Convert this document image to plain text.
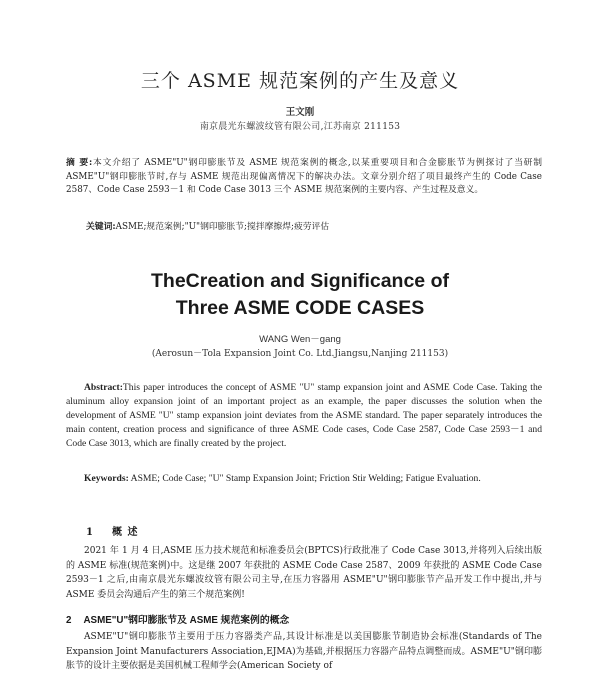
三个 ASME 规范案例的产生及意义
王文刚
南京晨光东螺波纹管有限公司,江苏南京 211153
摘 要:本文介绍了 ASME"U"钢印膨胀节及 ASME 规范案例的概念,以某重要项目和合金膨胀节为例探讨了当研制 ASME"U"钢印膨胀节时,存与 ASME 规范出现偏离情况下的解决办法。文章分别介绍了项目最终产生的 Code Case 2587、Code Case 2593－1 和 Code Case 3013 三个 ASME 规范案例的主要内容、产生过程及意义。
关键词:ASME;规范案例;"U"钢印膨胀节;搅拌摩擦焊;疲劳评估
TheCreation and Significance of
Three ASME CODE CASES
WANG Wen－gang
(Aerosun－Tola Expansion Joint Co. Ltd.Jiangsu,Nanjing 211153)
Abstract:This paper introduces the concept of ASME "U" stamp expansion joint and ASME Code Case. Taking the aluminum alloy expansion joint of an important project as an example, the paper discusses the solution when the development of ASME "U" stamp expansion joint deviates from the ASME standard. The paper separately introduces the main content, creation process and significance of three ASME Code cases, Code Case 2587, Code Case 2593－1 and Code Case 3013, which are finally created by the project.
Keywords: ASME; Code Case; "U" Stamp Expansion Joint; Friction Stir Welding; Fatigue Evaluation.
1 概 述
2021 年 1 月 4 日,ASME 压力技术规范和标准委员会(BPTCS)行政批准了 Code Case 3013,并将列入后续出版的 ASME 标准(规范案例)中。这是继 2007 年获批的 ASME Code Case 2587、2009 年获批的 ASME Code Case 2593－1 之后,由南京晨光东螺波纹管有限公司主导,在压力容器用 ASME"U"钢印膨胀节产品开发工作中提出,并与 ASME 委员会沟通后产生的第三个规范案例!
2 ASME"U"钢印膨胀节及 ASME 规范案例的概念
ASME"U"钢印膨胀节主要用于压力容器类产品,其设计标准是以美国膨胀节制造协会标准(Standards of The Expansion Joint Manufacturers Association,EJMA)为基础,并根据压力容器产品特点调整而成。ASME"U"钢印膨胀节的设计主要依据是美国机械工程师学会(American Society of
